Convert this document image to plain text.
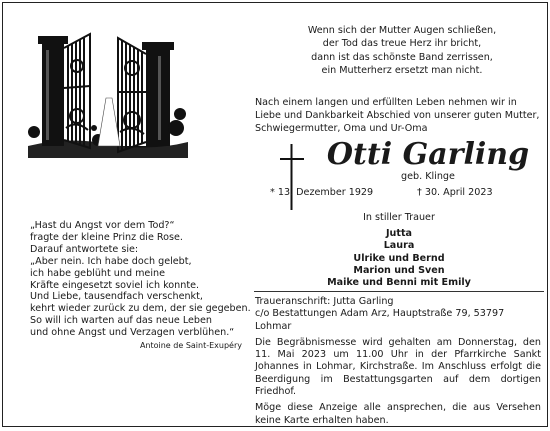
Wenn sich der Mutter Augen schließen,
der Tod das treue Herz ihr bricht,
dann ist das schönste Band zerrissen,
ein Mutterherz ersetzt man nicht.
Nach einem langen und erfüllten Leben nehmen wir in Liebe und Dankbarkeit Abschied von unserer guten Mutter, Schwiegermutter, Oma und Ur-Oma
Otti Garling
geb. Klinge
* 13. Dezember 1929	† 30. April 2023
In stiller Trauer
Jutta
Laura
Ulrike und Bernd
Marion und Sven
Maike und Benni mit Emily
„Hast du Angst vor dem Tod?“
fragte der kleine Prinz die Rose.
Darauf antwortete sie:
„Aber nein. Ich habe doch gelebt,
ich habe geblüht und meine
Kräfte eingesetzt soviel ich konnte.
Und Liebe, tausendfach verschenkt,
kehrt wieder zurück zu dem, der sie gegeben.
So will ich warten auf das neue Leben
und ohne Angst und Verzagen verblühen.“
Antoine de Saint-Exupéry

Traueranschrift: Jutta Garling
c/o Bestattungen Adam Arz, Hauptstraße 79, 53797 Lohmar

Die Begräbnismesse wird gehalten am Donnerstag, den 11. Mai 2023 um 11.00 Uhr in der Pfarrkirche Sankt Johannes in Lohmar, Kirchstraße. Im Anschluss erfolgt die Beerdigung im Bestattungsgarten auf dem dortigen Friedhof.

Möge diese Anzeige alle ansprechen, die aus Versehen keine Karte erhalten haben.
